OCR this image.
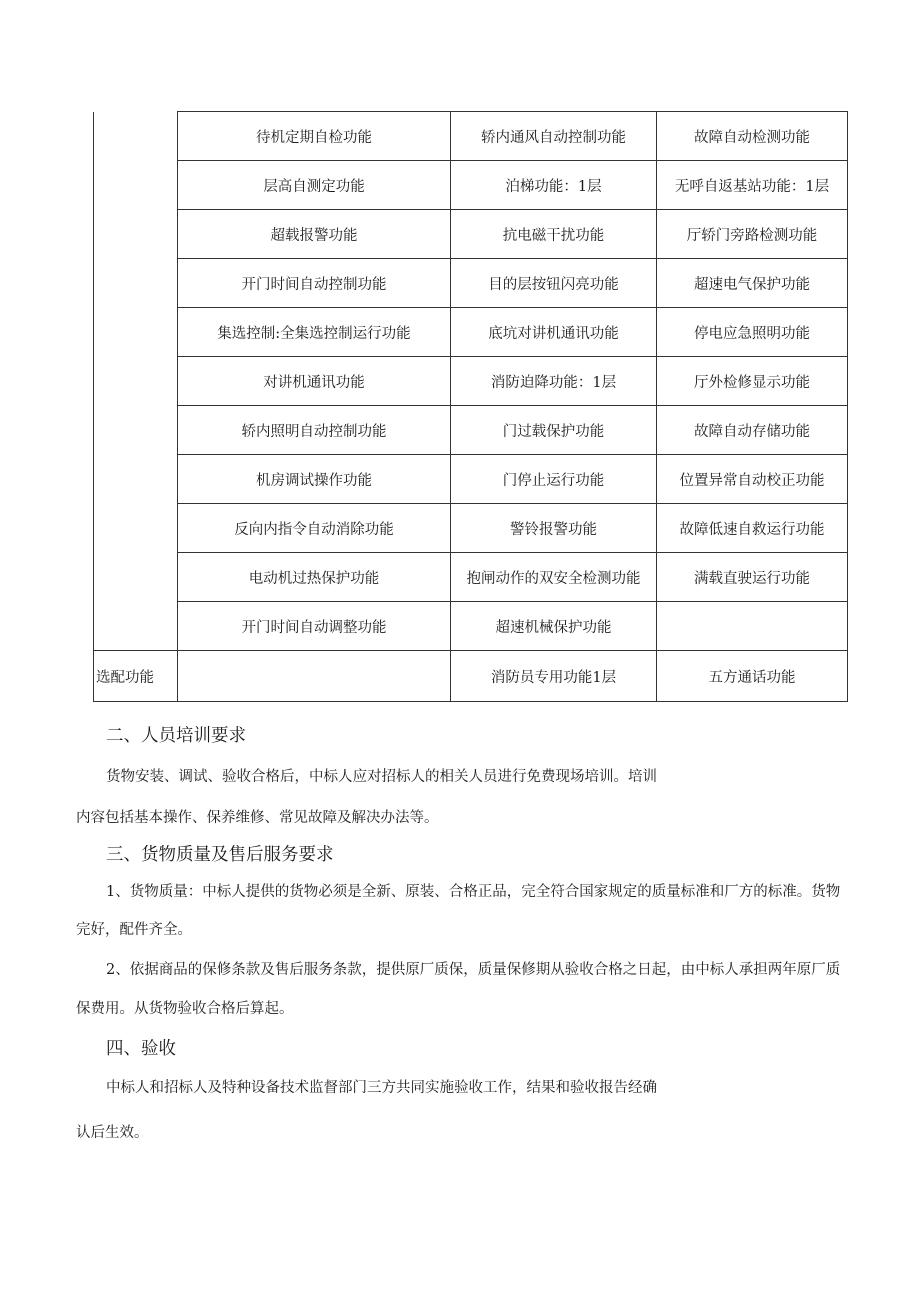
	待机定期自检功能	轿内通风自动控制功能	故障自动检测功能
	层高自测定功能	泊梯功能：1层	无呼自返基站功能：1层
	超载报警功能	抗电磁干扰功能	厅轿门旁路检测功能
	开门时间自动控制功能	目的层按钮闪亮功能	超速电气保护功能
	集选控制:全集选控制运行功能	底坑对讲机通讯功能	停电应急照明功能
	对讲机通讯功能	消防迫降功能：1层	厅外检修显示功能
	轿内照明自动控制功能	门过载保护功能	故障自动存储功能
	机房调试操作功能	门停止运行功能	位置异常自动校正功能
	反向内指令自动消除功能	警铃报警功能	故障低速自救运行功能
	电动机过热保护功能	抱闸动作的双安全检测功能	满载直驶运行功能
	开门时间自动调整功能	超速机械保护功能	
选配功能		消防员专用功能1层	五方通话功能
二、人员培训要求
货物安装、调试、验收合格后，中标人应对招标人的相关人员进行免费现场培训。培训
内容包括基本操作、保养维修、常见故障及解决办法等。
三、货物质量及售后服务要求
1、货物质量：中标人提供的货物必须是全新、原装、合格正品，完全符合国家规定的质量标准和厂方的标准。货物
完好，配件齐全。
2、依据商品的保修条款及售后服务条款，提供原厂质保，质量保修期从验收合格之日起，由中标人承担两年原厂质
保费用。从货物验收合格后算起。
四、验收
中标人和招标人及特种设备技术监督部门三方共同实施验收工作，结果和验收报告经确
认后生效。
